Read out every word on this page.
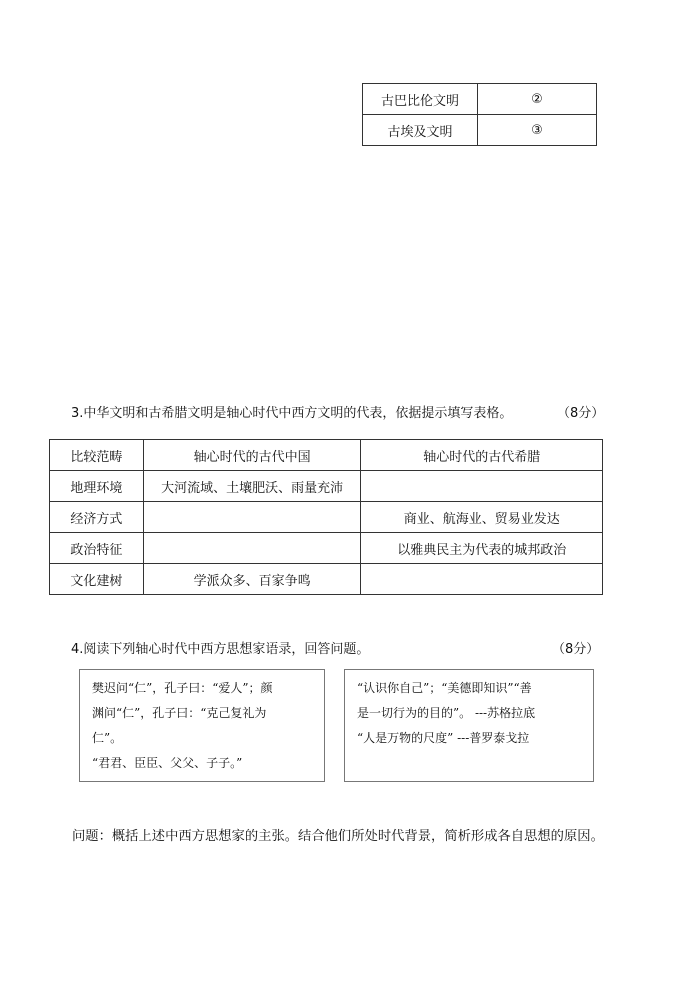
古巴比伦文明	②
古埃及文明	③
3.中华文明和古希腊文明是轴心时代中西方文明的代表，依据提示填写表格。	（8分）
比较范畴	轴心时代的古代中国	轴心时代的古代希腊
地理环境	大河流域、土壤肥沃、雨量充沛	
经济方式		商业、航海业、贸易业发达
政治特征		以雅典民主为代表的城邦政治
文化建树	学派众多、百家争鸣	
4.阅读下列轴心时代中西方思想家语录，回答问题。	（8分）
樊迟问“仁”，孔子曰：“爱人”；颜
渊问“仁”，孔子曰：“克己复礼为
仁”。
“君君、臣臣、父父、子子。”
“认识你自己”；“美德即知识”“善
是一切行为的目的”。 ---苏格拉底
“人是万物的尺度” ---普罗泰戈拉
问题：概括上述中西方思想家的主张。结合他们所处时代背景，简析形成各自思想的原因。
